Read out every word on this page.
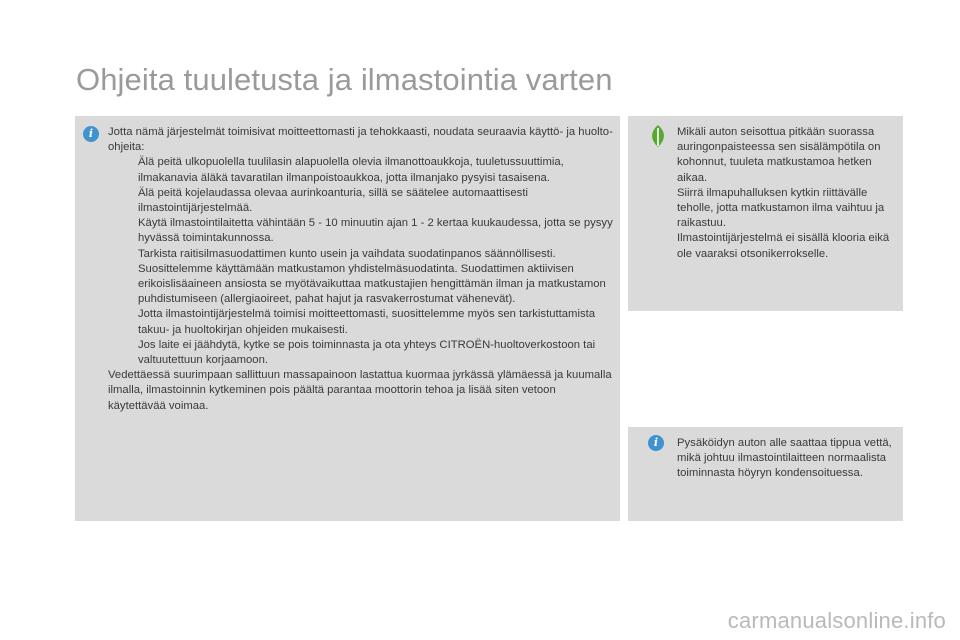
Ohjeita tuuletusta ja ilmastointia varten
i	Jotta nämä järjestelmät toimisivat moitteettomasti ja tehokkaasti, noudata seuraavia käyttö- ja huolto-ohjeita:
Älä peitä ulkopuolella tuulilasin alapuolella olevia ilmanottoaukkoja, tuuletussuuttimia, ilmakanavia äläkä tavaratilan ilmanpoistoaukkoa, jotta ilmanjako pysyisi tasaisena.
Älä peitä kojelaudassa olevaa aurinkoanturia, sillä se säätelee automaattisesti ilmastointijärjestelmää.
Käytä ilmastointilaitetta vähintään 5 - 10 minuutin ajan 1 - 2 kertaa kuukaudessa, jotta se pysyy hyvässä toimintakunnossa.
Tarkista raitisilmasuodattimen kunto usein ja vaihdata suodatinpanos säännöllisesti. Suosittelemme käyttämään matkustamon yhdistelmäsuodatinta. Suodattimen aktiivisen erikoislisäaineen ansiosta se myötävaikuttaa matkustajien hengittämän ilman ja matkustamon puhdistumiseen (allergiaoireet, pahat hajut ja rasvakerrostumat vähenevät).
Jotta ilmastointijärjestelmä toimisi moitteettomasti, suosittelemme myös sen tarkistuttamista takuu- ja huoltokirjan ohjeiden mukaisesti.
Jos laite ei jäähdytä, kytke se pois toiminnasta ja ota yhteys CITROËN-huoltoverkostoon tai valtuutettuun korjaamoon.
Vedettäessä suurimpaan sallittuun massapainoon lastattua kuormaa jyrkässä ylämäessä ja kuumalla ilmalla, ilmastoinnin kytkeminen pois päältä parantaa moottorin tehoa ja lisää siten vetoon käytettävää voimaa.
Mikäli auton seisottua pitkään suorassa auringonpaisteessa sen sisälämpötila on kohonnut, tuuleta matkustamoa hetken aikaa.
Siirrä ilmapuhalluksen kytkin riittävälle teholle, jotta matkustamon ilma vaihtuu ja raikastuu.
Ilmastointijärjestelmä ei sisällä klooria eikä ole vaaraksi otsonikerrokselle.
i	Pysäköidyn auton alle saattaa tippua vettä, mikä johtuu ilmastointilaitteen normaalista toiminnasta höyryn kondensoituessa.
carmanualsonline.info
